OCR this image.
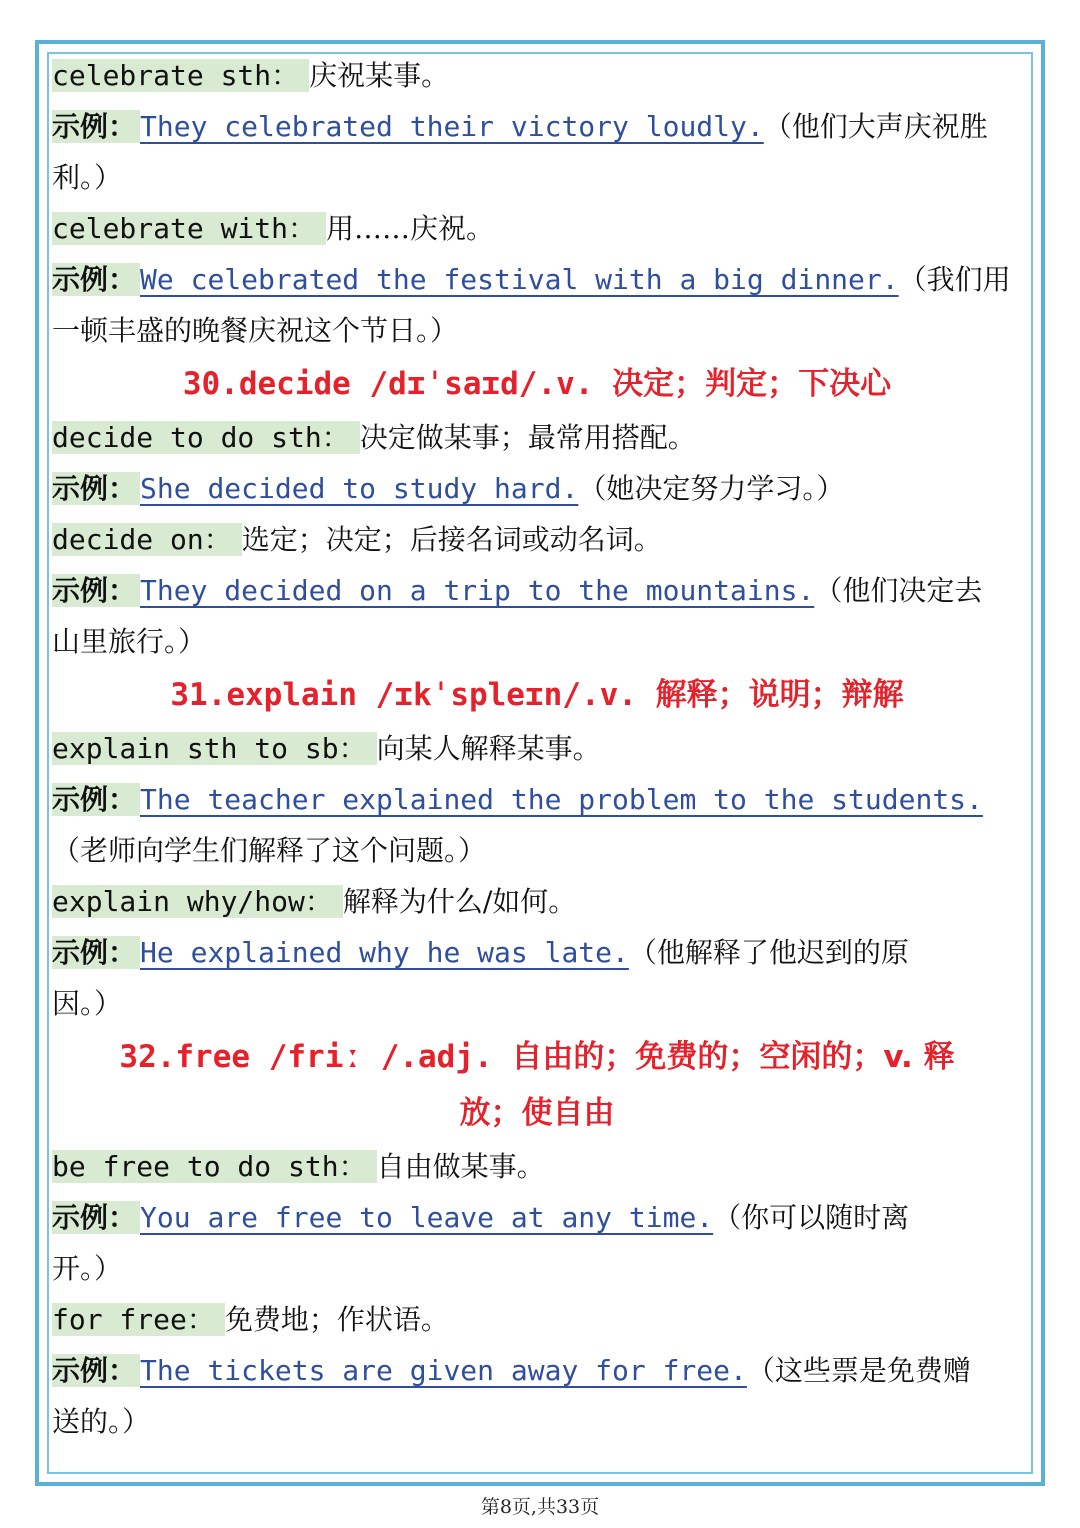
celebrate sth： 庆祝某事。
示例： They celebrated their victory loudly.（他们大声庆祝胜
利。）
celebrate with： 用……庆祝。
示例： We celebrated the festival with a big dinner.（我们用
一顿丰盛的晚餐庆祝这个节日。）
30.decide /dɪˈsaɪd/.v. 决定；判定；下决心
decide to do sth： 决定做某事；最常用搭配。
示例： She decided to study hard.（她决定努力学习。）
decide on： 选定；决定；后接名词或动名词。
示例： They decided on a trip to the mountains.（他们决定去
山里旅行。）
31.explain /ɪkˈspleɪn/.v. 解释；说明；辩解
explain sth to sb： 向某人解释某事。
示例： The teacher explained the problem to the students.
（老师向学生们解释了这个问题。）
explain why/how： 解释为什么/如何。
示例： He explained why he was late.（他解释了他迟到的原
因。）
32.free /friː /.adj. 自由的；免费的；空闲的；v. 释
放；使自由
be free to do sth： 自由做某事。
示例： You are free to leave at any time.（你可以随时离
开。）
for free： 免费地；作状语。
示例： The tickets are given away for free.（这些票是免费赠
送的。）
第8页,共33页
